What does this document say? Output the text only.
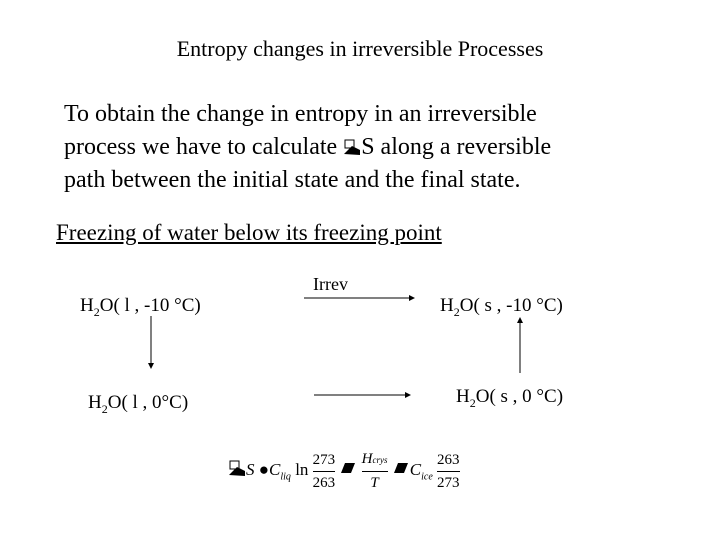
Entropy changes in irreversible Processes
To obtain the change in entropy in an irreversible
process we have to calculate S along a reversible
path between the initial state and the final state.
Freezing of water below its freezing point
Irrev
$H_2O$( l , -10 °C)	$H_2O$( s , -10 °C)
$H_2O$( l , 0°C)	$H_2O$( s , 0 °C)
S $●C_{liq}$ $\ln \frac{273}{263}$
$\frac{\text{Hcrys}}{T} C_{ice} \frac{263}{273}$
